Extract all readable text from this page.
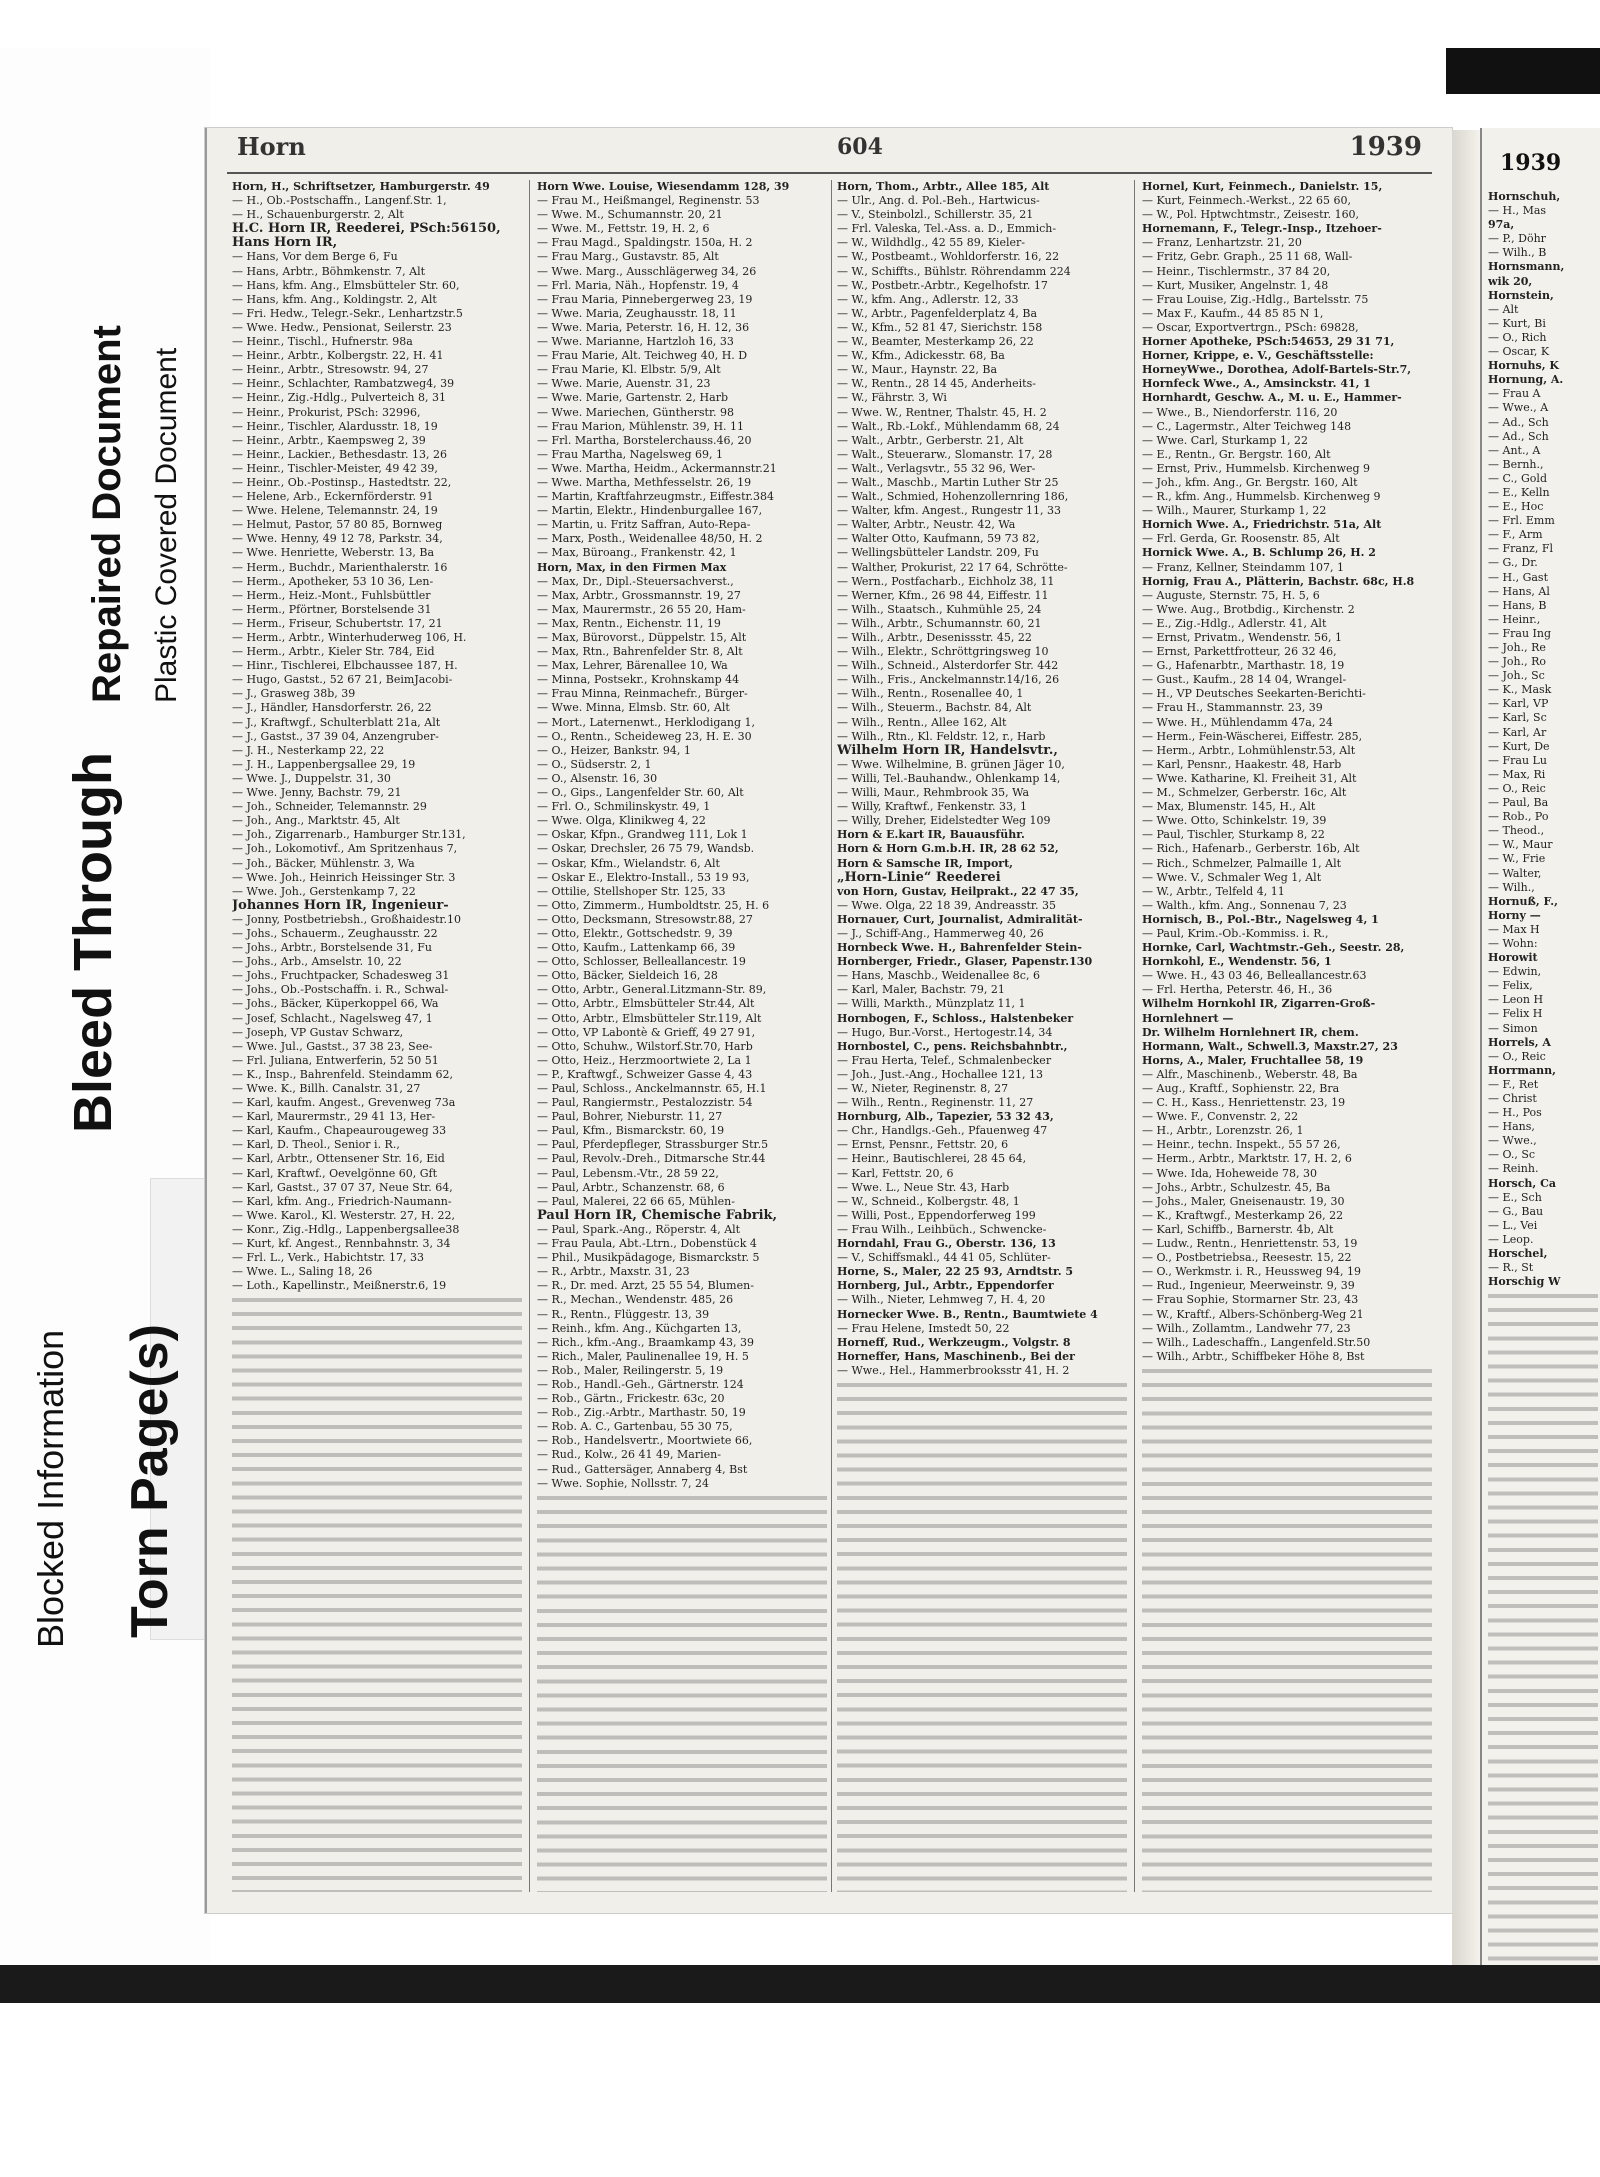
Blocked Information Torn Page(s)
Bleed Through
Repaired Document Plastic Covered Document
Horn	604	1939
Horn, H., Schriftsetzer, Hamburgerstr. 49
— H., Ob.-Postschaffn., Langenf.Str. 1,
— H., Schauenburgerstr. 2, Alt
H.C. Horn IR, Reederei, PSch:56150,
Hans Horn IR,
— Hans, Vor dem Berge 6, Fu
— Hans, Arbtr., Böhmkenstr. 7, Alt
— Hans, kfm. Ang., Elmsbütteler Str. 60,
— Hans, kfm. Ang., Koldingstr. 2, Alt
— Fri. Hedw., Telegr.-Sekr., Lenhartzstr.5
— Wwe. Hedw., Pensionat, Seilerstr. 23
— Heinr., Tischl., Hufnerstr. 98a
— Heinr., Arbtr., Kolbergstr. 22, H. 41
— Heinr., Arbtr., Stresowstr. 94, 27
— Heinr., Schlachter, Rambatzweg4, 39
— Heinr., Zig.-Hdlg., Pulverteich 8, 31
— Heinr., Prokurist, PSch: 32996,
— Heinr., Tischler, Alardusstr. 18, 19
— Heinr., Arbtr., Kaempsweg 2, 39
— Heinr., Lackier., Bethesdastr. 13, 26
— Heinr., Tischler-Meister, 49 42 39,
— Heinr., Ob.-Postinsp., Hastedtstr. 22,
— Helene, Arb., Eckernförderstr. 91
— Wwe. Helene, Telemannstr. 24, 19
— Helmut, Pastor, 57 80 85, Bornweg
— Wwe. Henny, 49 12 78, Parkstr. 34,
— Wwe. Henriette, Weberstr. 13, Ba
— Herm., Buchdr., Marienthalerstr. 16
— Herm., Apotheker, 53 10 36, Len-
— Herm., Heiz.-Mont., Fuhlsbüttler
— Herm., Pförtner, Borstelsende 31
— Herm., Friseur, Schubertstr. 17, 21
— Herm., Arbtr., Winterhuderweg 106, H.
— Herm., Arbtr., Kieler Str. 784, Eid
— Hinr., Tischlerei, Elbchaussee 187, H.
— Hugo, Gastst., 52 67 21, BeimJacobi-
— J., Grasweg 38b, 39
— J., Händler, Hansdorferstr. 26, 22
— J., Kraftwgf., Schulterblatt 21a, Alt
— J., Gastst., 37 39 04, Anzengruber-
— J. H., Nesterkamp 22, 22
— J. H., Lappenbergsallee 29, 19
— Wwe. J., Duppelstr. 31, 30
— Wwe. Jenny, Bachstr. 79, 21
— Joh., Schneider, Telemannstr. 29
— Joh., Ang., Marktstr. 45, Alt
— Joh., Zigarrenarb., Hamburger Str.131,
— Joh., Lokomotivf., Am Spritzenhaus 7,
— Joh., Bäcker, Mühlenstr. 3, Wa
— Wwe. Joh., Heinrich Heissinger Str. 3
— Wwe. Joh., Gerstenkamp 7, 22
Johannes Horn IR, Ingenieur-
— Jonny, Postbetriebsh., Großhaidestr.10
— Johs., Schauerm., Zeughausstr. 22
— Johs., Arbtr., Borstelsende 31, Fu
— Johs., Arb., Amselstr. 10, 22
— Johs., Fruchtpacker, Schadesweg 31
— Johs., Ob.-Postschaffn. i. R., Schwal-
— Johs., Bäcker, Küperkoppel 66, Wa
— Josef, Schlacht., Nagelsweg 47, 1
— Joseph, VP Gustav Schwarz,
— Wwe. Jul., Gastst., 37 38 23, See-
— Frl. Juliana, Entwerferin, 52 50 51
— K., Insp., Bahrenfeld. Steindamm 62,
— Wwe. K., Billh. Canalstr. 31, 27
— Karl, kaufm. Angest., Grevenweg 73a
— Karl, Maurermstr., 29 41 13, Her-
— Karl, Kaufm., Chapeaurougeweg 33
— Karl, D. Theol., Senior i. R.,
— Karl, Arbtr., Ottensener Str. 16, Eid
— Karl, Kraftwf., Oevelgönne 60, Gft
— Karl, Gastst., 37 07 37, Neue Str. 64,
— Karl, kfm. Ang., Friedrich-Naumann-
— Wwe. Karol., Kl. Westerstr. 27, H. 22,
— Konr., Zig.-Hdlg., Lappenbergsallee38
— Kurt, kf. Angest., Rennbahnstr. 3, 34
— Frl. L., Verk., Habichtstr. 17, 33
— Wwe. L., Saling 18, 26
— Loth., Kapellinstr., Meißnerstr.6, 19
Horn Wwe. Louise, Wiesendamm 128, 39
— Frau M., Heißmangel, Reginenstr. 53
— Wwe. M., Schumannstr. 20, 21
— Wwe. M., Fettstr. 19, H. 2, 6
— Frau Magd., Spaldingstr. 150a, H. 2
— Frau Marg., Gustavstr. 85, Alt
— Wwe. Marg., Ausschlägerweg 34, 26
— Frl. Maria, Näh., Hopfenstr. 19, 4
— Frau Maria, Pinnebergerweg 23, 19
— Wwe. Maria, Zeughausstr. 18, 11
— Wwe. Maria, Peterstr. 16, H. 12, 36
— Wwe. Marianne, Hartzloh 16, 33
— Frau Marie, Alt. Teichweg 40, H. D
— Frau Marie, Kl. Elbstr. 5/9, Alt
— Wwe. Marie, Auenstr. 31, 23
— Wwe. Marie, Gartenstr. 2, Harb
— Wwe. Mariechen, Güntherstr. 98
— Frau Marion, Mühlenstr. 39, H. 11
— Frl. Martha, Borstelerchauss.46, 20
— Frau Martha, Nagelsweg 69, 1
— Wwe. Martha, Heidm., Ackermannstr.21
— Wwe. Martha, Methfesselstr. 26, 19
— Martin, Kraftfahrzeugmstr., Eiffestr.384
— Martin, Elektr., Hindenburgallee 167,
— Martin, u. Fritz Saffran, Auto-Repa-
— Marx, Posth., Weidenallee 48/50, H. 2
— Max, Büroang., Frankenstr. 42, 1
Horn, Max, in den Firmen Max
— Max, Dr., Dipl.-Steuersachverst.,
— Max, Arbtr., Grossmannstr. 19, 27
— Max, Maurermstr., 26 55 20, Ham-
— Max, Rentn., Eichenstr. 11, 19
— Max, Bürovorst., Düppelstr. 15, Alt
— Max, Rtn., Bahrenfelder Str. 8, Alt
— Max, Lehrer, Bärenallee 10, Wa
— Minna, Postsekr., Krohnskamp 44
— Frau Minna, Reinmachefr., Bürger-
— Wwe. Minna, Elmsb. Str. 60, Alt
— Mort., Laternenwt., Herklodigang 1,
— O., Rentn., Scheideweg 23, H. E. 30
— O., Heizer, Bankstr. 94, 1
— O., Südserstr. 2, 1
— O., Alsenstr. 16, 30
— O., Gips., Langenfelder Str. 60, Alt
— Frl. O., Schmilinskystr. 49, 1
— Wwe. Olga, Klinikweg 4, 22
— Oskar, Kfpn., Grandweg 111, Lok 1
— Oskar, Drechsler, 26 75 79, Wandsb.
— Oskar, Kfm., Wielandstr. 6, Alt
— Oskar E., Elektro-Install., 53 19 93,
— Ottilie, Stellshoper Str. 125, 33
— Otto, Zimmerm., Humboldtstr. 25, H. 6
— Otto, Decksmann, Stresowstr.88, 27
— Otto, Elektr., Gottschedstr. 9, 39
— Otto, Kaufm., Lattenkamp 66, 39
— Otto, Schlosser, Belleallancestr. 19
— Otto, Bäcker, Sieldeich 16, 28
— Otto, Arbtr., General.Litzmann-Str. 89,
— Otto, Arbtr., Elmsbütteler Str.44, Alt
— Otto, Arbtr., Elmsbütteler Str.119, Alt
— Otto, VP Labontè & Grieff, 49 27 91,
— Otto, Schuhw., Wilstorf.Str.70, Harb
— Otto, Heiz., Herzmoortwiete 2, La 1
— P., Kraftwgf., Schweizer Gasse 4, 43
— Paul, Schloss., Anckelmannstr. 65, H.1
— Paul, Rangiermstr., Pestalozzistr. 54
— Paul, Bohrer, Nieburstr. 11, 27
— Paul, Kfm., Bismarckstr. 60, 19
— Paul, Pferdepfleger, Strassburger Str.5
— Paul, Revolv.-Dreh., Ditmarsche Str.44
— Paul, Lebensm.-Vtr., 28 59 22,
— Paul, Arbtr., Schanzenstr. 68, 6
— Paul, Malerei, 22 66 65, Mühlen-
Paul Horn IR, Chemische Fabrik,
— Paul, Spark.-Ang., Röperstr. 4, Alt
— Frau Paula, Abt.-Ltrn., Dobenstück 4
— Phil., Musikpädagoge, Bismarckstr. 5
— R., Arbtr., Maxstr. 31, 23
— R., Dr. med. Arzt, 25 55 54, Blumen-
— R., Mechan., Wendenstr. 485, 26
— R., Rentn., Flüggestr. 13, 39
— Reinh., kfm. Ang., Küchgarten 13,
— Rich., kfm.-Ang., Braamkamp 43, 39
— Rich., Maler, Paulinenallee 19, H. 5
— Rob., Maler, Reilingerstr. 5, 19
— Rob., Handl.-Geh., Gärtnerstr. 124
— Rob., Gärtn., Frickestr. 63c, 20
— Rob., Zig.-Arbtr., Marthastr. 50, 19
— Rob. A. C., Gartenbau, 55 30 75,
— Rob., Handelsvertr., Moortwiete 66,
— Rud., Kolw., 26 41 49, Marien-
— Rud., Gattersäger, Annaberg 4, Bst
— Wwe. Sophie, Nollsstr. 7, 24
Horn, Thom., Arbtr., Allee 185, Alt
— Ulr., Ang. d. Pol.-Beh., Hartwicus-
— V., Steinbolzl., Schillerstr. 35, 21
— Frl. Valeska, Tel.-Ass. a. D., Emmich-
— W., Wildhdlg., 42 55 89, Kieler-
— W., Postbeamt., Wohldorferstr. 16, 22
— W., Schiffts., Bühlstr. Röhrendamm 224
— W., Postbetr.-Arbtr., Kegelhofstr. 17
— W., kfm. Ang., Adlerstr. 12, 33
— W., Arbtr., Pagenfelderplatz 4, Ba
— W., Kfm., 52 81 47, Sierichstr. 158
— W., Beamter, Mesterkamp 26, 22
— W., Kfm., Adickesstr. 68, Ba
— W., Maur., Haynstr. 22, Ba
— W., Rentn., 28 14 45, Anderheits-
— W., Fährstr. 3, Wi
— Wwe. W., Rentner, Thalstr. 45, H. 2
— Walt., Rb.-Lokf., Mühlendamm 68, 24
— Walt., Arbtr., Gerberstr. 21, Alt
— Walt., Steuerarw., Slomanstr. 17, 28
— Walt., Verlagsvtr., 55 32 96, Wer-
— Walt., Maschb., Martin Luther Str 25
— Walt., Schmied, Hohenzollernring 186,
— Walter, kfm. Angest., Rungestr 11, 33
— Walter, Arbtr., Neustr. 42, Wa
— Walter Otto, Kaufmann, 59 73 82,
— Wellingsbütteler Landstr. 209, Fu
— Walther, Prokurist, 22 17 64, Schrötte-
— Wern., Postfacharb., Eichholz 38, 11
— Werner, Kfm., 26 98 44, Eiffestr. 11
— Wilh., Staatsch., Kuhmühle 25, 24
— Wilh., Arbtr., Schumannstr. 60, 21
— Wilh., Arbtr., Desenissstr. 45, 22
— Wilh., Elektr., Schröttgringsweg 10
— Wilh., Schneid., Alsterdorfer Str. 442
— Wilh., Fris., Anckelmannstr.14/16, 26
— Wilh., Rentn., Rosenallee 40, 1
— Wilh., Steuerm., Bachstr. 84, Alt
— Wilh., Rentn., Allee 162, Alt
— Wilh., Rtn., Kl. Feldstr. 12, r., Harb
Wilhelm Horn IR, Handelsvtr.,
— Wwe. Wilhelmine, B. grünen Jäger 10,
— Willi, Tel.-Bauhandw., Ohlenkamp 14,
— Willi, Maur., Rehmbrook 35, Wa
— Willy, Kraftwf., Fenkenstr. 33, 1
— Willy, Dreher, Eidelstedter Weg 109
Horn & E.kart IR, Bauausführ.
Horn & Horn G.m.b.H. IR, 28 62 52,
Horn & Samsche IR, Import,
„Horn-Linie“ Reederei
von Horn, Gustav, Heilprakt., 22 47 35,
— Wwe. Olga, 22 18 39, Andreasstr. 35
Hornauer, Curt, Journalist, Admiralität-
— J., Schiff-Ang., Hammerweg 40, 26
Hornbeck Wwe. H., Bahrenfelder Stein-
Hornberger, Friedr., Glaser, Papenstr.130
— Hans, Maschb., Weidenallee 8c, 6
— Karl, Maler, Bachstr. 79, 21
— Willi, Markth., Münzplatz 11, 1
Hornbogen, F., Schloss., Halstenbeker
— Hugo, Bur.-Vorst., Hertogestr.14, 34
Hornbostel, C., pens. Reichsbahnbtr.,
— Frau Herta, Telef., Schmalenbecker
— Joh., Just.-Ang., Hochallee 121, 13
— W., Nieter, Reginenstr. 8, 27
— Wilh., Rentn., Reginenstr. 11, 27
Hornburg, Alb., Tapezier, 53 32 43,
— Chr., Handlgs.-Geh., Pfauenweg 47
— Ernst, Pensnr., Fettstr. 20, 6
— Heinr., Bautischlerei, 28 45 64,
— Karl, Fettstr. 20, 6
— Wwe. L., Neue Str. 43, Harb
— W., Schneid., Kolbergstr. 48, 1
— Willi, Post., Eppendorferweg 199
— Frau Wilh., Leihbüch., Schwencke-
Horndahl, Frau G., Oberstr. 136, 13
— V., Schiffsmakl., 44 41 05, Schlüter-
Horne, S., Maler, 22 25 93, Arndtstr. 5
Hornberg, Jul., Arbtr., Eppendorfer
— Wilh., Nieter, Lehmweg 7, H. 4, 20
Hornecker Wwe. B., Rentn., Baumtwiete 4
— Frau Helene, Imstedt 50, 22
Horneff, Rud., Werkzeugm., Volgstr. 8
Horneffer, Hans, Maschinenb., Bei der
— Wwe., Hel., Hammerbrooksstr 41, H. 2
Hornel, Kurt, Feinmech., Danielstr. 15,
— Kurt, Feinmech.-Werkst., 22 65 60,
— W., Pol. Hptwchtmstr., Zeisestr. 160,
Hornemann, F., Telegr.-Insp., Itzehoer-
— Franz, Lenhartzstr. 21, 20
— Fritz, Gebr. Graph., 25 11 68, Wall-
— Heinr., Tischlermstr., 37 84 20,
— Kurt, Musiker, Angelnstr. 1, 48
— Frau Louise, Zig.-Hdlg., Bartelsstr. 75
— Max F., Kaufm., 44 85 85 N 1,
— Oscar, Exportvertrgn., PSch: 69828,
Horner Apotheke, PSch:54653, 29 31 71,
Horner, Krippe, e. V., Geschäftsstelle:
HorneyWwe., Dorothea, Adolf-Bartels-Str.7,
Hornfeck Wwe., A., Amsinckstr. 41, 1
Hornhardt, Geschw. A., M. u. E., Hammer-
— Wwe., B., Niendorferstr. 116, 20
— C., Lagermstr., Alter Teichweg 148
— Wwe. Carl, Sturkamp 1, 22
— E., Rentn., Gr. Bergstr. 160, Alt
— Ernst, Priv., Hummelsb. Kirchenweg 9
— Joh., kfm. Ang., Gr. Bergstr. 160, Alt
— R., kfm. Ang., Hummelsb. Kirchenweg 9
— Wilh., Maurer, Sturkamp 1, 22
Hornich Wwe. A., Friedrichstr. 51a, Alt
— Frl. Gerda, Gr. Roosenstr. 85, Alt
Hornick Wwe. A., B. Schlump 26, H. 2
— Franz, Kellner, Steindamm 107, 1
Hornig, Frau A., Plätterin, Bachstr. 68c, H.8
— Auguste, Sternstr. 75, H. 5, 6
— Wwe. Aug., Brotbdig., Kirchenstr. 2
— E., Zig.-Hdlg., Adlerstr. 41, Alt
— Ernst, Privatm., Wendenstr. 56, 1
— Ernst, Parkettfrotteur, 26 32 46,
— G., Hafenarbtr., Marthastr. 18, 19
— Gust., Kaufm., 28 14 04, Wrangel-
— H., VP Deutsches Seekarten-Berichti-
— Frau H., Stammannstr. 23, 39
— Wwe. H., Mühlendamm 47a, 24
— Herm., Fein-Wäscherei, Eiffestr. 285,
— Herm., Arbtr., Lohmühlenstr.53, Alt
— Karl, Pensnr., Haakestr. 48, Harb
— Wwe. Katharine, Kl. Freiheit 31, Alt
— M., Schmelzer, Gerberstr. 16c, Alt
— Max, Blumenstr. 145, H., Alt
— Wwe. Otto, Schinkelstr. 19, 39
— Paul, Tischler, Sturkamp 8, 22
— Rich., Hafenarb., Gerberstr. 16b, Alt
— Rich., Schmelzer, Palmaille 1, Alt
— Wwe. V., Schmaler Weg 1, Alt
— W., Arbtr., Telfeld 4, 11
— Walth., kfm. Ang., Sonnenau 7, 23
Hornisch, B., Pol.-Btr., Nagelsweg 4, 1
— Paul, Krim.-Ob.-Kommiss. i. R.,
Hornke, Carl, Wachtmstr.-Geh., Seestr. 28,
Hornkohl, E., Wendenstr. 56, 1
— Wwe. H., 43 03 46, Belleallancestr.63
— Frl. Hertha, Peterstr. 46, H., 36
Wilhelm Hornkohl IR, Zigarren-Groß-
Hornlehnert —
Dr. Wilhelm Hornlehnert IR, chem.
Hormann, Walt., Schwell.3, Maxstr.27, 23
Horns, A., Maler, Fruchtallee 58, 19
— Alfr., Maschinenb., Weberstr. 48, Ba
— Aug., Kraftf., Sophienstr. 22, Bra
— C. H., Kass., Henriettenstr. 23, 19
— Wwe. F., Convenstr. 2, 22
— H., Arbtr., Lorenzstr. 26, 1
— Heinr., techn. Inspekt., 55 57 26,
— Herm., Arbtr., Marktstr. 17, H. 2, 6
— Wwe. Ida, Hoheweide 78, 30
— Johs., Arbtr., Schulzestr. 45, Ba
— Johs., Maler, Gneisenaustr. 19, 30
— K., Kraftwgf., Mesterkamp 26, 22
— Karl, Schiffb., Barnerstr. 4b, Alt
— Ludw., Rentn., Henriettenstr. 53, 19
— O., Postbetriebsa., Reesestr. 15, 22
— O., Werkmstr. i. R., Heussweg 94, 19
— Rud., Ingenieur, Meerweinstr. 9, 39
— Frau Sophie, Stormarner Str. 23, 43
— W., Kraftf., Albers-Schönberg-Weg 21
— Wilh., Zollamtm., Landwehr 77, 23
— Wilh., Ladeschaffn., Langenfeld.Str.50
— Wilh., Arbtr., Schiffbeker Höhe 8, Bst
1939
Hornschuh,
— H., Mas
97a,
— P., Döhr
— Wilh., B
Hornsmann,
wik 20,
Hornstein,
— Alt
— Kurt, Bi
— O., Rich
— Oscar, K
Hornuhs, K
Hornung, A.
— Frau A
— Wwe., A
— Ad., Sch
— Ad., Sch
— Ant., A
— Bernh.,
— C., Gold
— E., Kelln
— E., Hoc
— Frl. Emm
— F., Arm
— Franz, Fl
— G., Dr.
— H., Gast
— Hans, Al
— Hans, B
— Heinr.,
— Frau Ing
— Joh., Re
— Joh., Ro
— Joh., Sc
— K., Mask
— Karl, VP
— Karl, Sc
— Karl, Ar
— Kurt, De
— Frau Lu
— Max, Ri
— O., Reic
— Paul, Ba
— Rob., Po
— Theod.,
— W., Maur
— W., Frie
— Walter,
— Wilh.,
Hornuß, F.,
Horny —
— Max H
— Wohn:
Horowit
— Edwin,
— Felix,
— Leon H
— Felix H
— Simon
Horrels, A
— O., Reic
Horrmann,
— F., Ret
— Christ
— H., Pos
— Hans,
— Wwe.,
— O., Sc
— Reinh.
Horsch, Ca
— E., Sch
— G., Bau
— L., Vei
— Leop.
Horschel,
— R., St
Horschig W
